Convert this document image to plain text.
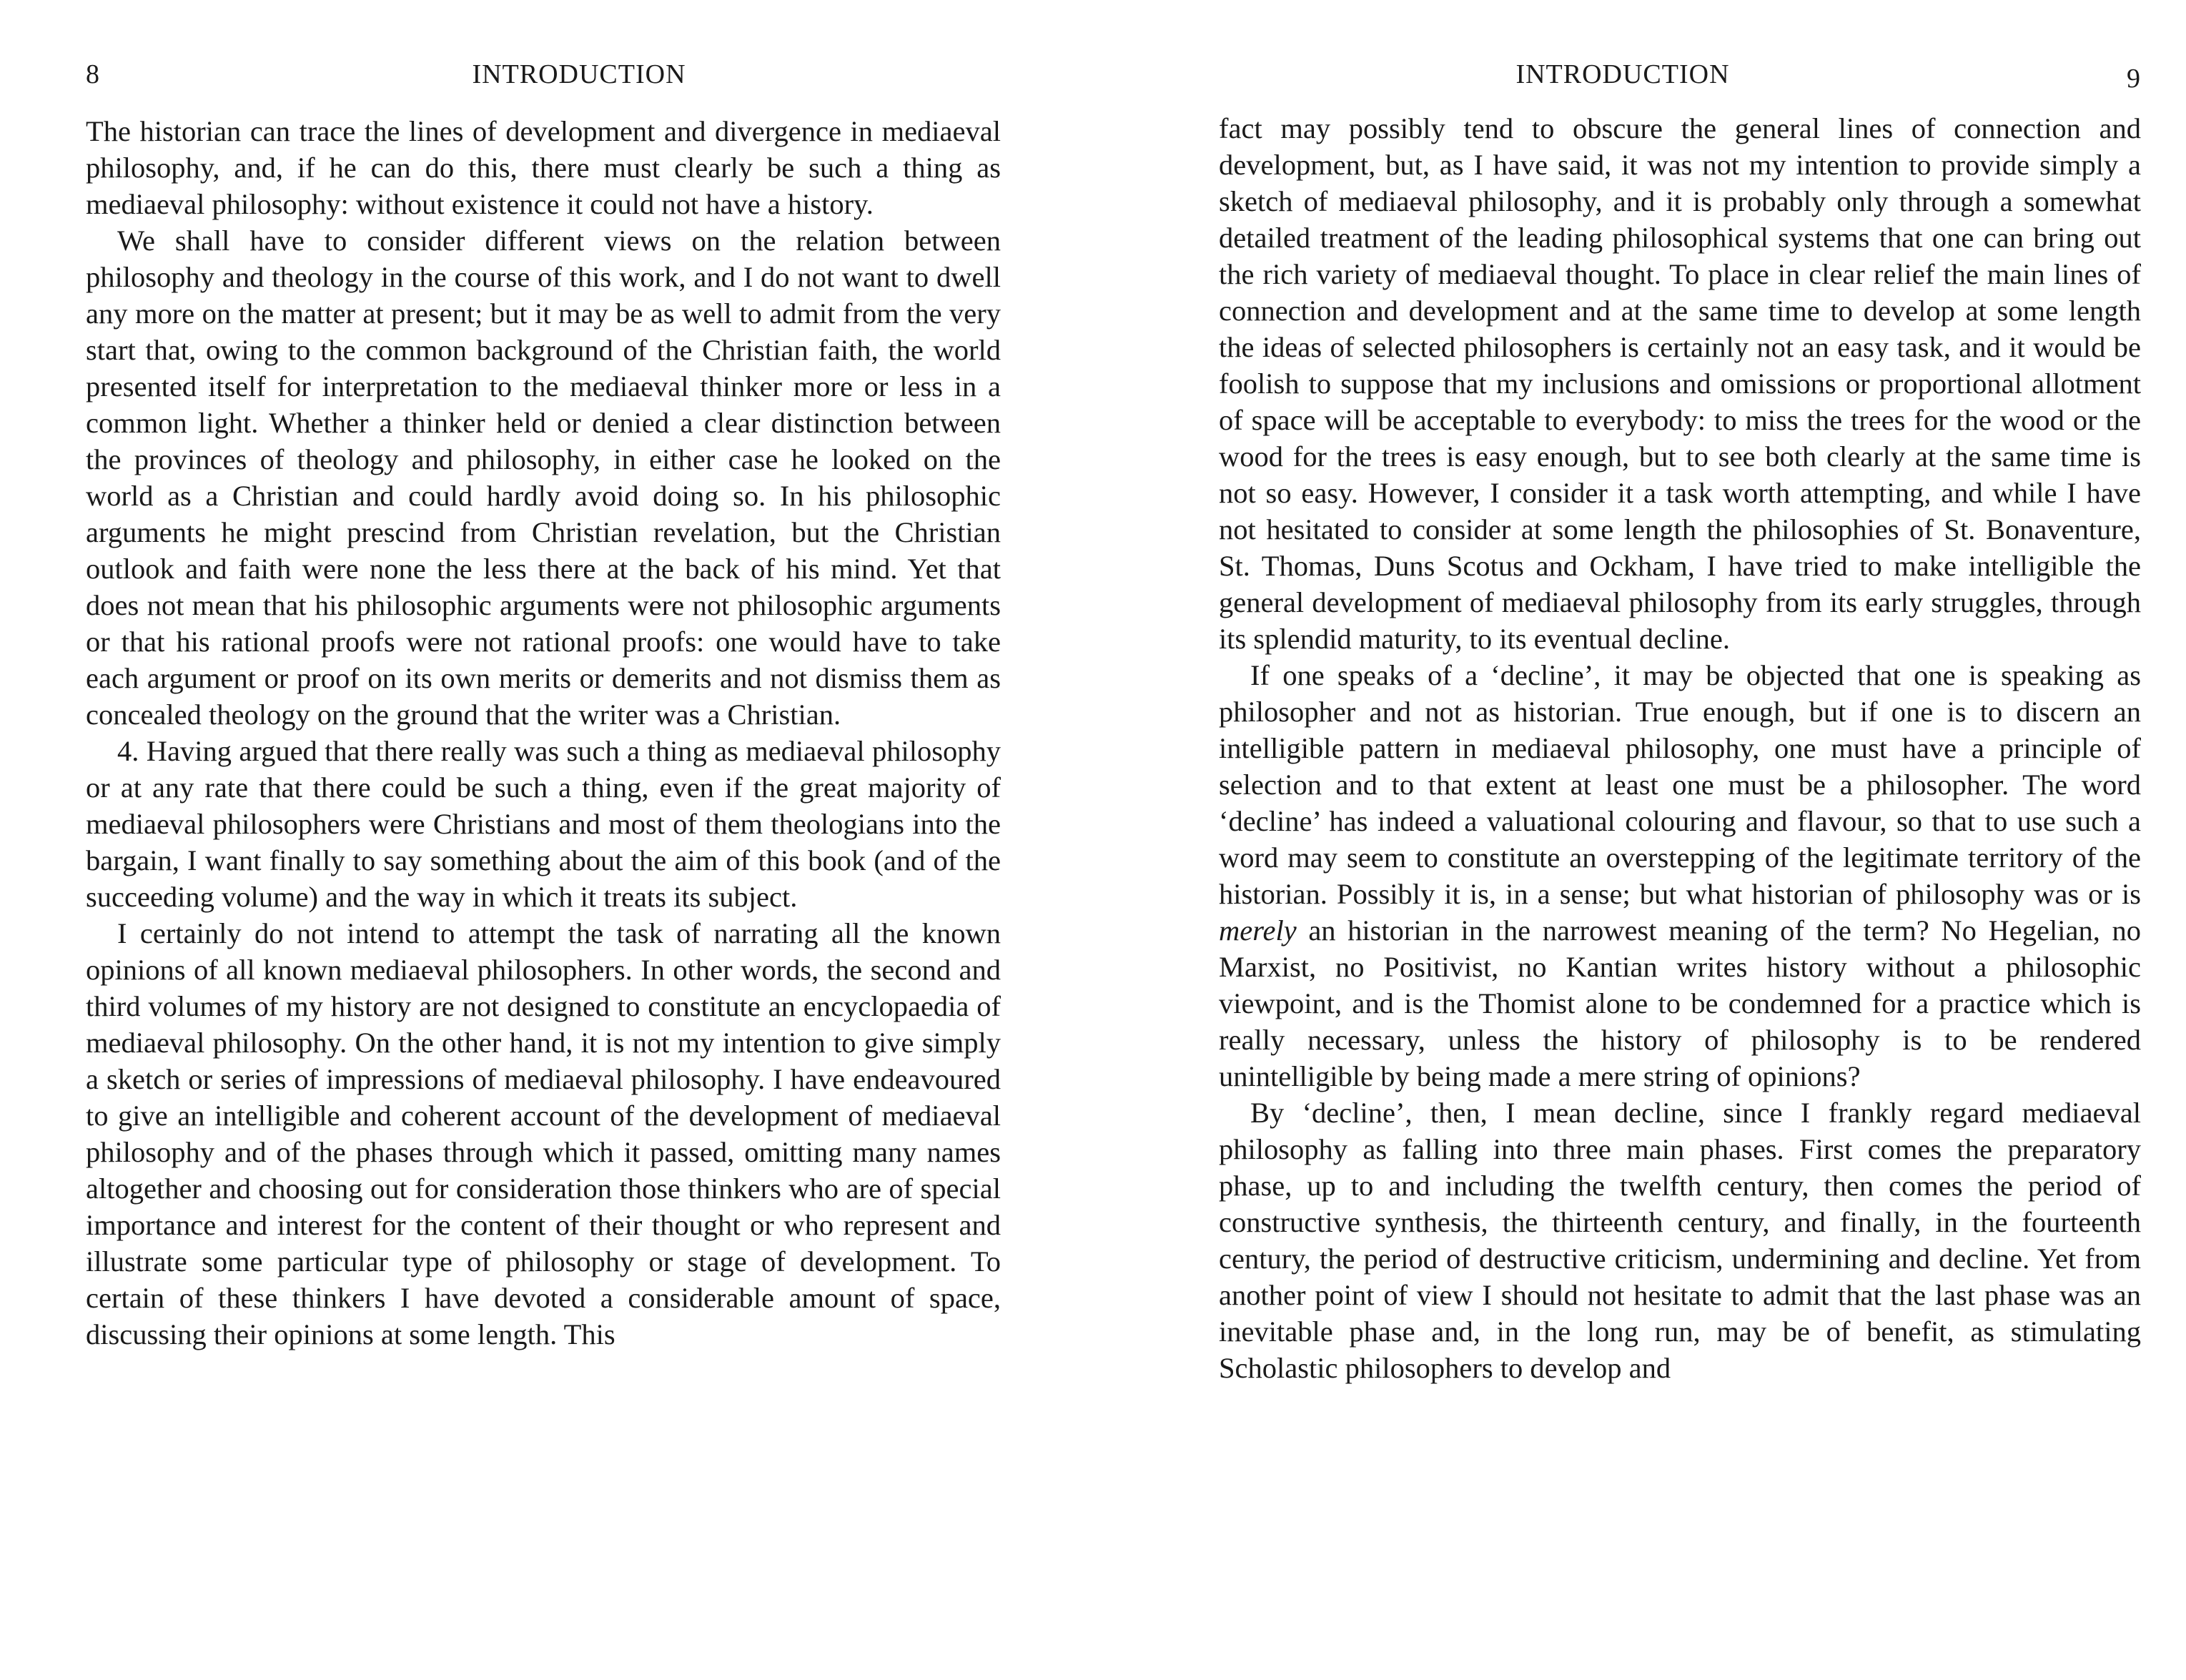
8	INTRODUCTION

The historian can trace the lines of development and divergence in mediaeval philosophy, and, if he can do this, there must clearly be such a thing as mediaeval philosophy: without existence it could not have a history.

We shall have to consider different views on the relation between philosophy and theology in the course of this work, and I do not want to dwell any more on the matter at present; but it may be as well to admit from the very start that, owing to the common background of the Christian faith, the world presented itself for interpretation to the mediaeval thinker more or less in a common light. Whether a thinker held or denied a clear distinction between the provinces of theology and philosophy, in either case he looked on the world as a Christian and could hardly avoid doing so. In his philosophic arguments he might prescind from Christian revelation, but the Christian outlook and faith were none the less there at the back of his mind. Yet that does not mean that his philosophic arguments were not philosophic arguments or that his rational proofs were not rational proofs: one would have to take each argument or proof on its own merits or demerits and not dismiss them as concealed theology on the ground that the writer was a Christian.

4. Having argued that there really was such a thing as mediaeval philosophy or at any rate that there could be such a thing, even if the great majority of mediaeval philosophers were Christians and most of them theologians into the bargain, I want finally to say something about the aim of this book (and of the succeeding volume) and the way in which it treats its subject.

I certainly do not intend to attempt the task of narrating all the known opinions of all known mediaeval philosophers. In other words, the second and third volumes of my history are not designed to constitute an encyclopaedia of mediaeval philosophy. On the other hand, it is not my intention to give simply a sketch or series of impressions of mediaeval philosophy. I have endeavoured to give an intelligible and coherent account of the development of mediaeval philosophy and of the phases through which it passed, omitting many names altogether and choosing out for consideration those thinkers who are of special importance and interest for the content of their thought or who represent and illustrate some particular type of philosophy or stage of development. To certain of these thinkers I have devoted a considerable amount of space, discussing their opinions at some length. This

INTRODUCTION	9

fact may possibly tend to obscure the general lines of connection and development, but, as I have said, it was not my intention to provide simply a sketch of mediaeval philosophy, and it is probably only through a somewhat detailed treatment of the leading philosophical systems that one can bring out the rich variety of mediaeval thought. To place in clear relief the main lines of connection and development and at the same time to develop at some length the ideas of selected philosophers is certainly not an easy task, and it would be foolish to suppose that my inclusions and omissions or proportional allotment of space will be acceptable to everybody: to miss the trees for the wood or the wood for the trees is easy enough, but to see both clearly at the same time is not so easy. However, I consider it a task worth attempting, and while I have not hesitated to consider at some length the philosophies of St. Bonaventure, St. Thomas, Duns Scotus and Ockham, I have tried to make intelligible the general development of mediaeval philosophy from its early struggles, through its splendid maturity, to its eventual decline.

If one speaks of a ‘decline’, it may be objected that one is speaking as philosopher and not as historian. True enough, but if one is to discern an intelligible pattern in mediaeval philosophy, one must have a principle of selection and to that extent at least one must be a philosopher. The word ‘decline’ has indeed a valuational colouring and flavour, so that to use such a word may seem to constitute an overstepping of the legitimate territory of the historian. Possibly it is, in a sense; but what historian of philosophy was or is merely an historian in the narrowest meaning of the term? No Hegelian, no Marxist, no Positivist, no Kantian writes history without a philosophic viewpoint, and is the Thomist alone to be condemned for a practice which is really necessary, unless the history of philosophy is to be rendered unintelligible by being made a mere string of opinions?

By ‘decline’, then, I mean decline, since I frankly regard mediaeval philosophy as falling into three main phases. First comes the preparatory phase, up to and including the twelfth century, then comes the period of constructive synthesis, the thirteenth century, and finally, in the fourteenth century, the period of destructive criticism, undermining and decline. Yet from another point of view I should not hesitate to admit that the last phase was an inevitable phase and, in the long run, may be of benefit, as stimulating Scholastic philosophers to develop and
